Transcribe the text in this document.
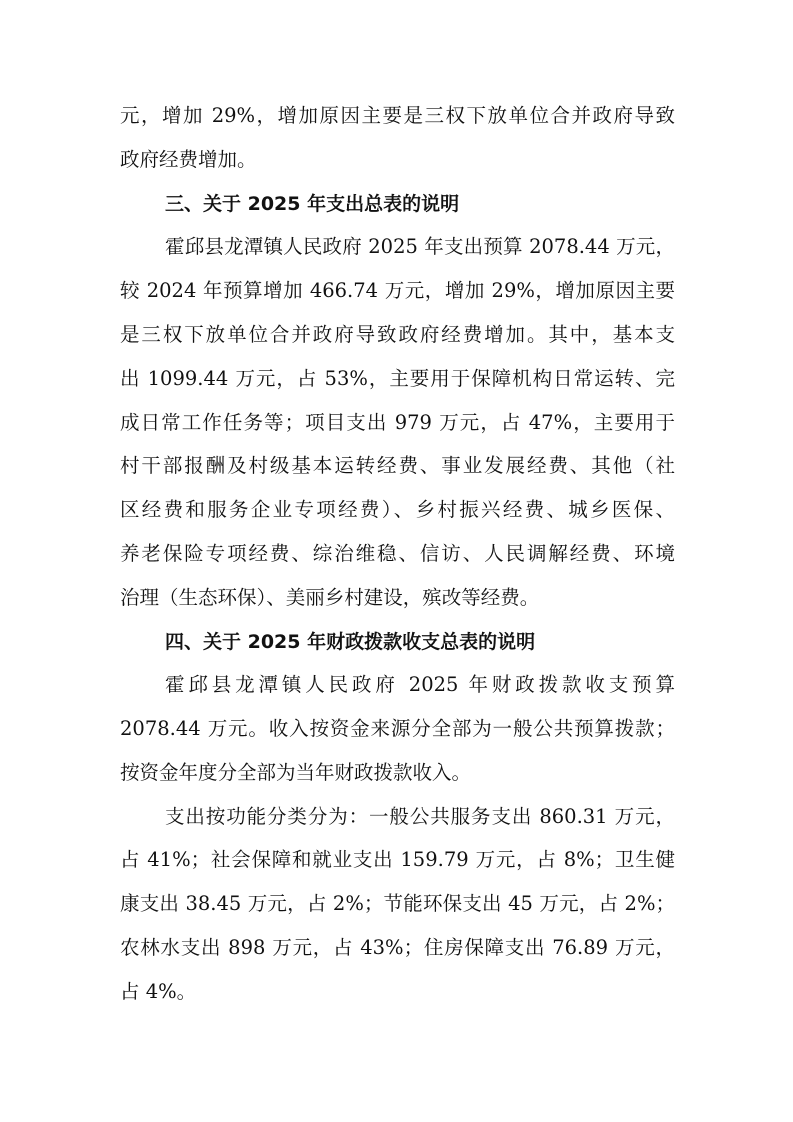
元，增加 29%，增加原因主要是三权下放单位合并政府导致
政府经费增加。
三、关于 2025 年支出总表的说明
霍邱县龙潭镇人民政府 2025 年支出预算 2078.44 万元，
较 2024 年预算增加 466.74 万元，增加 29%，增加原因主要
是三权下放单位合并政府导致政府经费增加。其中，基本支
出 1099.44 万元，占 53%，主要用于保障机构日常运转、完
成日常工作任务等；项目支出 979 万元，占 47%，主要用于
村干部报酬及村级基本运转经费、事业发展经费、其他（社
区经费和服务企业专项经费）、乡村振兴经费、城乡医保、
养老保险专项经费、综治维稳、信访、人民调解经费、环境
治理（生态环保）、美丽乡村建设，殡改等经费。
四、关于 2025 年财政拨款收支总表的说明
霍邱县龙潭镇人民政府 2025 年财政拨款收支预算
2078.44 万元。收入按资金来源分全部为一般公共预算拨款；
按资金年度分全部为当年财政拨款收入。
支出按功能分类分为：一般公共服务支出 860.31 万元，
占 41%；社会保障和就业支出 159.79 万元，占 8%；卫生健
康支出 38.45 万元，占 2%；节能环保支出 45 万元，占 2%；
农林水支出 898 万元，占 43%；住房保障支出 76.89 万元，
占 4%。
